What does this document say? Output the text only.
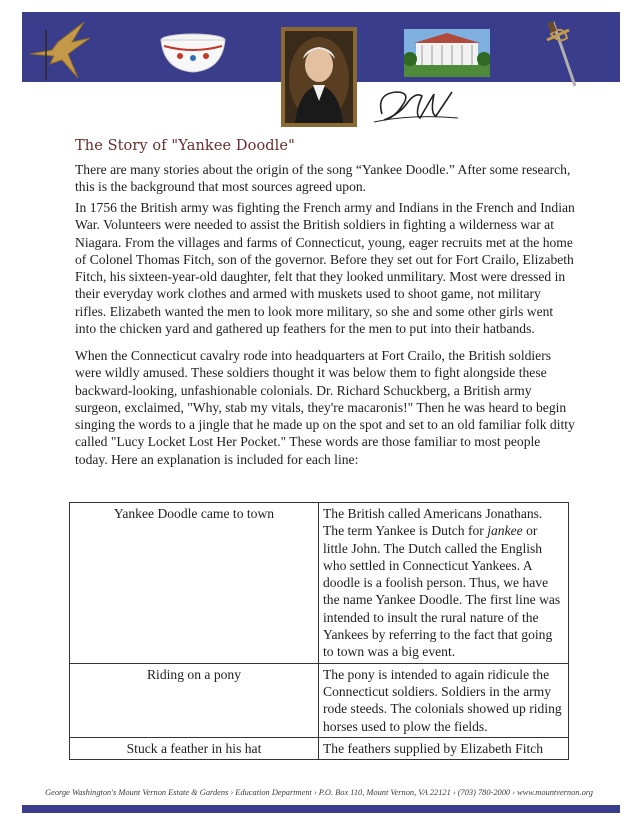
The Story of "Yankee Doodle"

There are many stories about the origin of the song “Yankee Doodle.” After some research, this is the background that most sources agreed upon.

In 1756 the British army was fighting the French army and Indians in the French and Indian War. Volunteers were needed to assist the British soldiers in fighting a wilderness war at Niagara. From the villages and farms of Connecticut, young, eager recruits met at the home of Colonel Thomas Fitch, son of the governor. Before they set out for Fort Crailo, Elizabeth Fitch, his sixteen-year-old daughter, felt that they looked unmilitary. Most were dressed in their everyday work clothes and armed with muskets used to shoot game, not military rifles. Elizabeth wanted the men to look more military, so she and some other girls went into the chicken yard and gathered up feathers for the men to put into their hatbands.

When the Connecticut cavalry rode into headquarters at Fort Crailo, the British soldiers were wildly amused. These soldiers thought it was below them to fight alongside these backward-looking, unfashionable colonials. Dr. Richard Schuckberg, a British army surgeon, exclaimed, "Why, stab my vitals, they're macaronis!" Then he was heard to begin singing the words to a jingle that he made up on the spot and set to an old familiar folk ditty called "Lucy Locket Lost Her Pocket." These words are those familiar to most people today. Here an explanation is included for each line:

Yankee Doodle came to town	The British called Americans Jonathans. The term Yankee is Dutch for jankee or little John. The Dutch called the English who settled in Connecticut Yankees. A doodle is a foolish person. Thus, we have the name Yankee Doodle. The first line was intended to insult the rural nature of the Yankees by referring to the fact that going to town was a big event.
Riding on a pony	The pony is intended to again ridicule the Connecticut soldiers. Soldiers in the army rode steeds. The colonials showed up riding horses used to plow the fields.
Stuck a feather in his hat	The feathers supplied by Elizabeth Fitch
George Washington's Mount Vernon Estate & Gardens › Education Department › P.O. Box 110, Mount Vernon, VA 22121 › (703) 780-2000 › www.mountvernon.org
